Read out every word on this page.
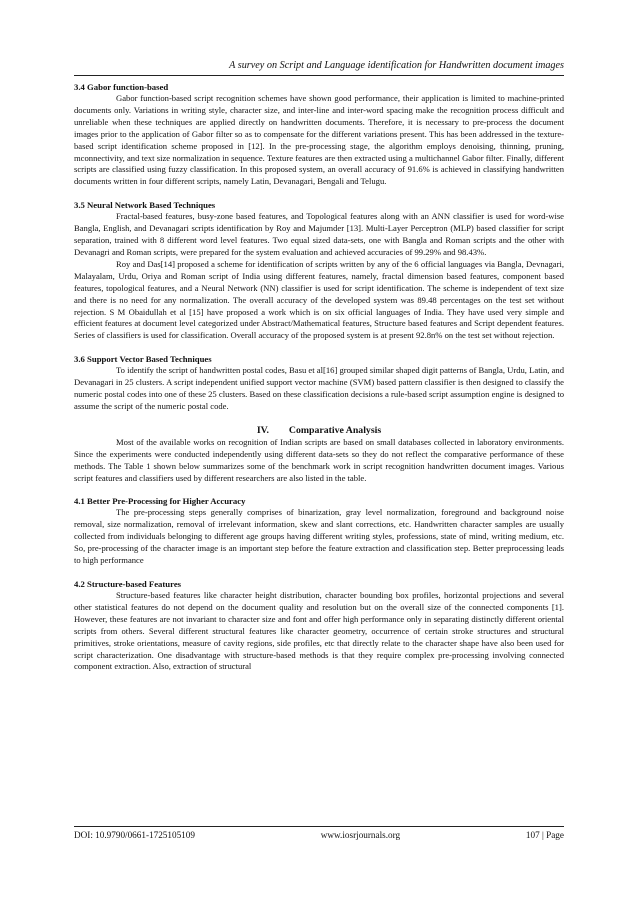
A survey on Script and Language identification for Handwritten document images
3.4 Gabor function-based

Gabor function-based script recognition schemes have shown good performance, their application is limited to machine-printed documents only. Variations in writing style, character size, and inter-line and inter-word spacing make the recognition process difficult and unreliable when these techniques are applied directly on handwritten documents. Therefore, it is necessary to pre-process the document images prior to the application of Gabor filter so as to compensate for the different variations present. This has been addressed in the texture-based script identification scheme proposed in [12]. In the pre-processing stage, the algorithm employs denoising, thinning, pruning, mconnectivity, and text size normalization in sequence. Texture features are then extracted using a multichannel Gabor filter. Finally, different scripts are classified using fuzzy classification. In this proposed system, an overall accuracy of 91.6% is achieved in classifying handwritten documents written in four different scripts, namely Latin, Devanagari, Bengali and Telugu.

3.5 Neural Network Based Techniques

Fractal-based features, busy-zone based features, and Topological features along with an ANN classifier is used for word-wise Bangla, English, and Devanagari scripts identification by Roy and Majumder [13]. Multi-Layer Perceptron (MLP) based classifier for script separation, trained with 8 different word level features. Two equal sized data-sets, one with Bangla and Roman scripts and the other with Devanagri and Roman scripts, were prepared for the system evaluation and achieved accuracies of 99.29% and 98.43%.

Roy and Das[14] proposed a scheme for identification of scripts written by any of the 6 official languages via Bangla, Devnagari, Malayalam, Urdu, Oriya and Roman script of India using different features, namely, fractal dimension based features, component based features, topological features, and a Neural Network (NN) classifier is used for script identification. The scheme is independent of text size and there is no need for any normalization. The overall accuracy of the developed system was 89.48 percentages on the test set without rejection. S M Obaidullah et al [15] have proposed a work which is on six official languages of India. They have used very simple and efficient features at document level categorized under Abstract/Mathematical features, Structure based features and Script dependent features. Series of classifiers is used for classification. Overall accuracy of the proposed system is at present 92.8n% on the test set without rejection.

3.6 Support Vector Based Techniques

To identify the script of handwritten postal codes, Basu et al[16] grouped similar shaped digit patterns of Bangla, Urdu, Latin, and Devanagari in 25 clusters. A script independent unified support vector machine (SVM) based pattern classifier is then designed to classify the numeric postal codes into one of these 25 clusters. Based on these classification decisions a rule-based script assumption engine is designed to assume the script of the numeric postal code.

IV. Comparative Analysis

Most of the available works on recognition of Indian scripts are based on small databases collected in laboratory environments. Since the experiments were conducted independently using different data-sets so they do not reflect the comparative performance of these methods. The Table 1 shown below summarizes some of the benchmark work in script recognition handwritten document images. Various script features and classifiers used by different researchers are also listed in the table.

4.1 Better Pre-Processing for Higher Accuracy

The pre-processing steps generally comprises of binarization, gray level normalization, foreground and background noise removal, size normalization, removal of irrelevant information, skew and slant corrections, etc. Handwritten character samples are usually collected from individuals belonging to different age groups having different writing styles, professions, state of mind, writing medium, etc. So, pre-processing of the character image is an important step before the feature extraction and classification step. Better preprocessing leads to high performance

4.2 Structure-based Features

Structure-based features like character height distribution, character bounding box profiles, horizontal projections and several other statistical features do not depend on the document quality and resolution but on the overall size of the connected components [1]. However, these features are not invariant to character size and font and offer high performance only in separating distinctly different oriental scripts from others. Several different structural features like character geometry, occurrence of certain stroke structures and structural primitives, stroke orientations, measure of cavity regions, side profiles, etc that directly relate to the character shape have also been used for script characterization. One disadvantage with structure-based methods is that they require complex pre-processing involving connected component extraction. Also, extraction of structural

DOI: 10.9790/0661-1725105109	www.iosrjournals.org	107 | Page
